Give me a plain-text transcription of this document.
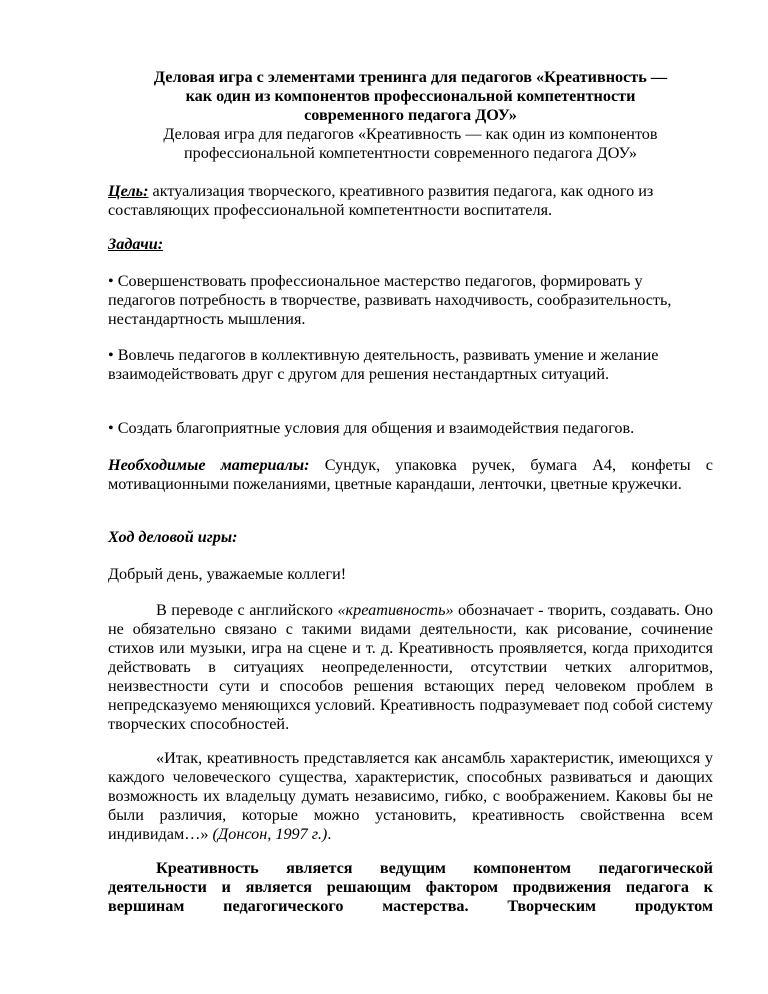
Деловая игра с элементами тренинга для педагогов «Креативность —
как один из компонентов профессиональной компетентности
современного педагога ДОУ»
Деловая игра для педагогов «Креативность — как один из компонентов
профессиональной компетентности современного педагога ДОУ»

Цель: актуализация творческого, креативного развития педагога, как одного из составляющих профессиональной компетентности воспитателя.

Задачи:

• Совершенствовать профессиональное мастерство педагогов, формировать у педагогов потребность в творчестве, развивать находчивость, сообразительность, нестандартность мышления.

• Вовлечь педагогов в коллективную деятельность, развивать умение и желание взаимодействовать друг с другом для решения нестандартных ситуаций.

• Создать благоприятные условия для общения и взаимодействия педагогов.

Необходимые материалы: Сундук, упаковка ручек, бумага А4, конфеты с мотивационными пожеланиями, цветные карандаши, ленточки, цветные кружечки.

Ход деловой игры:

Добрый день, уважаемые коллеги!

В переводе с английского «креативность» обозначает - творить, создавать. Оно не обязательно связано с такими видами деятельности, как рисование, сочинение стихов или музыки, игра на сцене и т. д. Креативность проявляется, когда приходится действовать в ситуациях неопределенности, отсутствии четких алгоритмов, неизвестности сути и способов решения встающих перед человеком проблем в непредсказуемо меняющихся условий. Креативность подразумевает под собой систему творческих способностей.

«Итак, креативность представляется как ансамбль характеристик, имеющихся у каждого человеческого существа, характеристик, способных развиваться и дающих возможность их владельцу думать независимо, гибко, с воображением. Каковы бы не были различия, которые можно установить, креативность свойственна всем индивидам…» (Донсон, 1997 г.).

Креативность является ведущим компонентом педагогической
деятельности и является решающим фактором продвижения педагога к
вершинам педагогического мастерства. Творческим продуктом
